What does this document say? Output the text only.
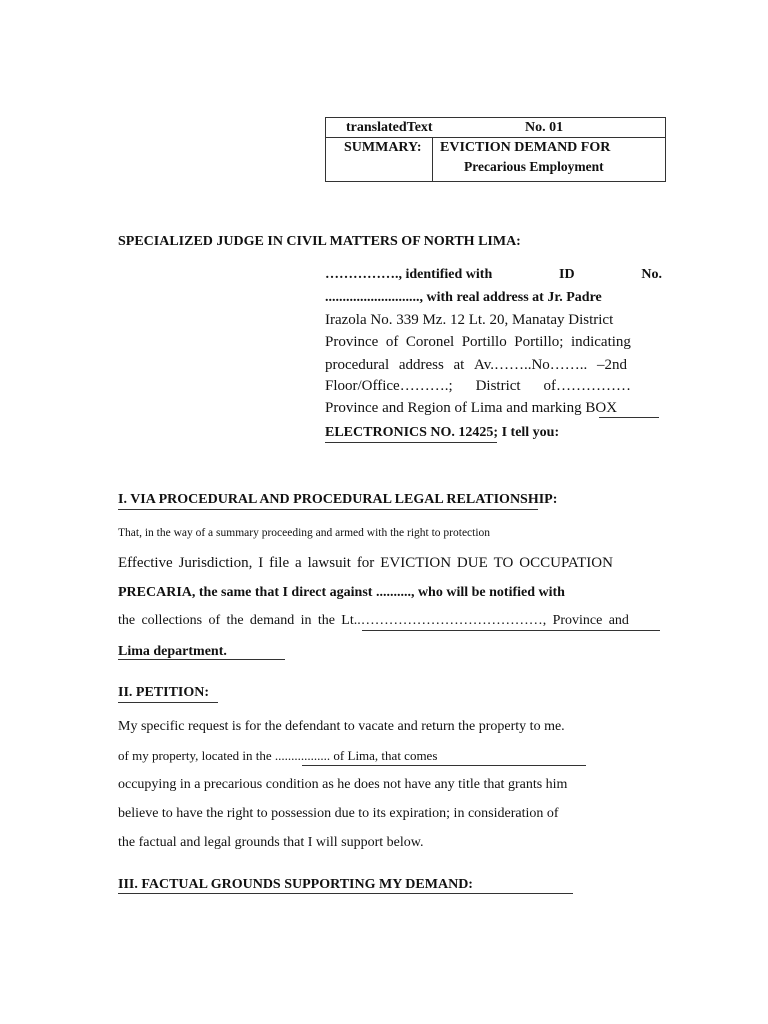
translatedText	No. 01
SUMMARY: EVICTION DEMAND FOR
Precarious Employment
SPECIALIZED JUDGE IN CIVIL MATTERS OF NORTH LIMA:
……………., identified with	ID	No.
..........................., with real address at Jr. Padre
Irazola No. 339 Mz. 12 Lt. 20, Manatay District
Province of Coronel Portillo Portillo; indicating
procedural address at Av.……..No…….. –2nd
Floor/Office……….; District of……………
Province and Region of Lima and marking BOX
ELECTRONICS NO. 12425; I tell you:
I. VIA PROCEDURAL AND PROCEDURAL LEGAL RELATIONSHIP:
That, in the way of a summary proceeding and armed with the right to protection
Effective Jurisdiction, I file a lawsuit for EVICTION DUE TO OCCUPATION
PRECARIA, the same that I direct against .........., who will be notified with
the collections of the demand in the Lt..…………………………………, Province and
Lima department.
II. PETITION:
My specific request is for the defendant to vacate and return the property to me.
of my property, located in the ................. of Lima, that comes
occupying in a precarious condition as he does not have any title that grants him
believe to have the right to possession due to its expiration; in consideration of
the factual and legal grounds that I will support below.
III. FACTUAL GROUNDS SUPPORTING MY DEMAND:
